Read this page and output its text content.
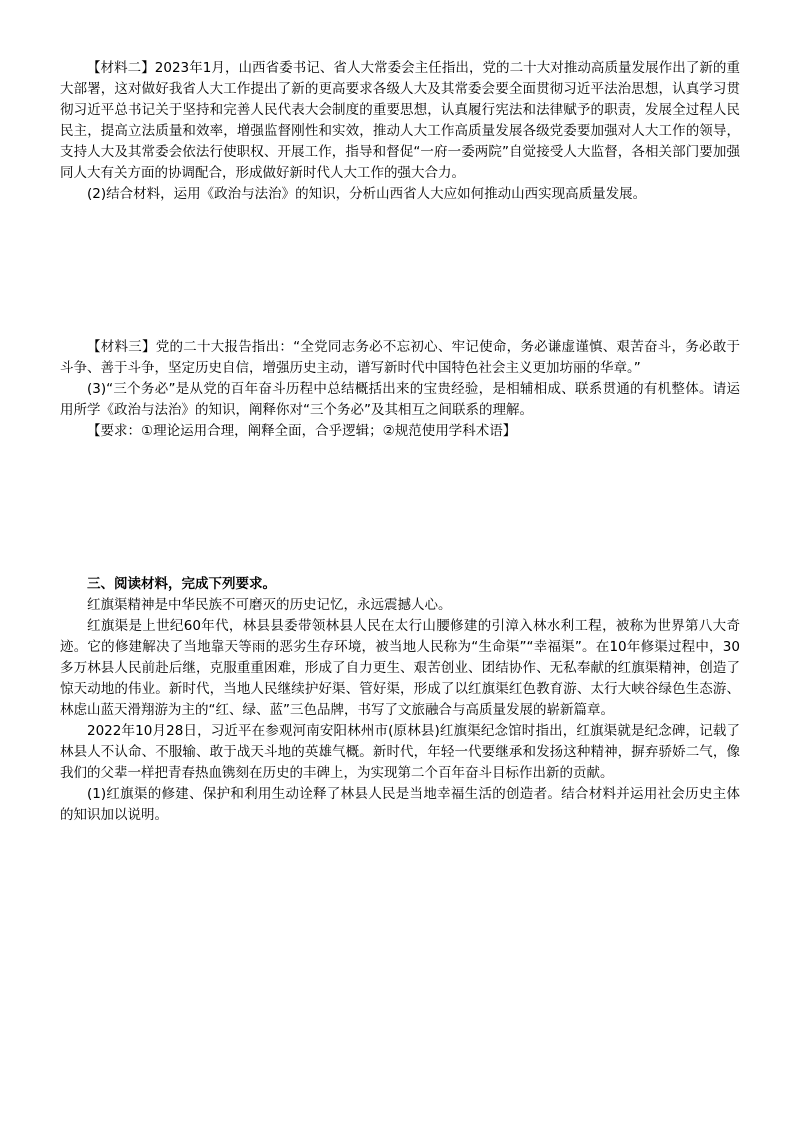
【材料二】2023年1月，山西省委书记、省人大常委会主任指出，党的二十大对推动高质量发展作出了新的重大部署，这对做好我省人大工作提出了新的更高要求各级人大及其常委会要全面贯彻习近平法治思想，认真学习贯彻习近平总书记关于坚持和完善人民代表大会制度的重要思想，认真履行宪法和法律赋予的职责，发展全过程人民民主，提高立法质量和效率，增强监督刚性和实效，推动人大工作高质量发展各级党委要加强对人大工作的领导，支持人大及其常委会依法行使职权、开展工作，指导和督促“一府一委两院”自觉接受人大监督，各相关部门要加强同人大有关方面的协调配合，形成做好新时代人大工作的强大合力。

(2)结合材料，运用《政治与法治》的知识，分析山西省人大应如何推动山西实现高质量发展。

【材料三】党的二十大报告指出：“全党同志务必不忘初心、牢记使命，务必谦虚谨慎、艰苦奋斗，务必敢于斗争、善于斗争，坚定历史自信，增强历史主动，谱写新时代中国特色社会主义更加坊丽的华章。”

(3)“三个务必”是从党的百年奋斗历程中总结概括出来的宝贵经验，是相辅相成、联系贯通的有机整体。请运用所学《政治与法治》的知识，阐释你对“三个务必”及其相互之间联系的理解。

【要求：①理论运用合理，阐释全面，合乎逻辑；②规范使用学科术语】

三、阅读材料，完成下列要求。

红旗渠精神是中华民族不可磨灭的历史记忆，永远震撼人心。

红旗渠是上世纪60年代，林县县委带领林县人民在太行山腰修建的引漳入林水利工程，被称为世界第八大奇迹。它的修建解决了当地靠天等雨的恶劣生存环境，被当地人民称为“生命渠”“幸福渠”。在10年修渠过程中，30多万林县人民前赴后继，克服重重困难，形成了自力更生、艰苦创业、团结协作、无私奉献的红旗渠精神，创造了惊天动地的伟业。新时代，当地人民继续护好渠、管好渠，形成了以红旗渠红色教育游、太行大峡谷绿色生态游、林虑山蓝天滑翔游为主的“红、绿、蓝”三色品牌，书写了文旅融合与高质量发展的崭新篇章。

2022年10月28日，习近平在参观河南安阳林州市(原林县)红旗渠纪念馆时指出，红旗渠就是纪念碑，记载了林县人不认命、不服输、敢于战天斗地的英雄气概。新时代，年轻一代要继承和发扬这种精神，摒弃骄娇二气，像我们的父辈一样把青春热血镌刻在历史的丰碑上，为实现第二个百年奋斗目标作出新的贡献。

(1)红旗渠的修建、保护和利用生动诠释了林县人民是当地幸福生活的创造者。结合材料并运用社会历史主体的知识加以说明。
